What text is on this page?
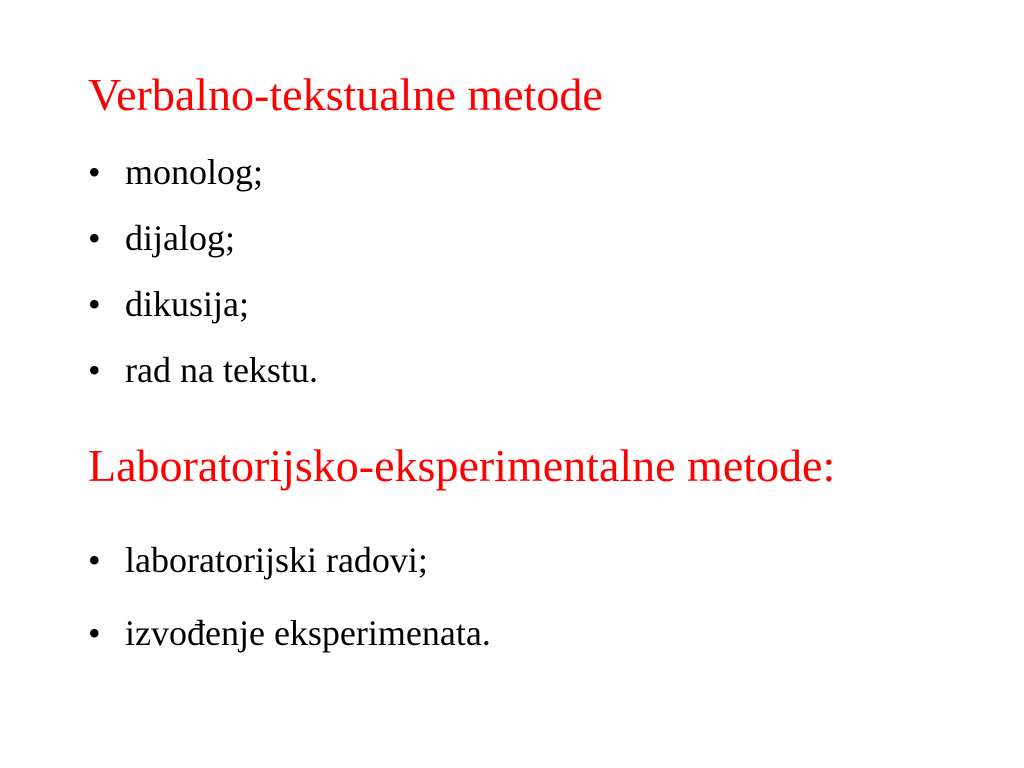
Verbalno-tekstualne metode
• monolog;
• dijalog;
• dikusija;
• rad na tekstu.
Laboratorijsko-eksperimentalne metode:
• laboratorijski radovi;
• izvođenje eksperimenata.
